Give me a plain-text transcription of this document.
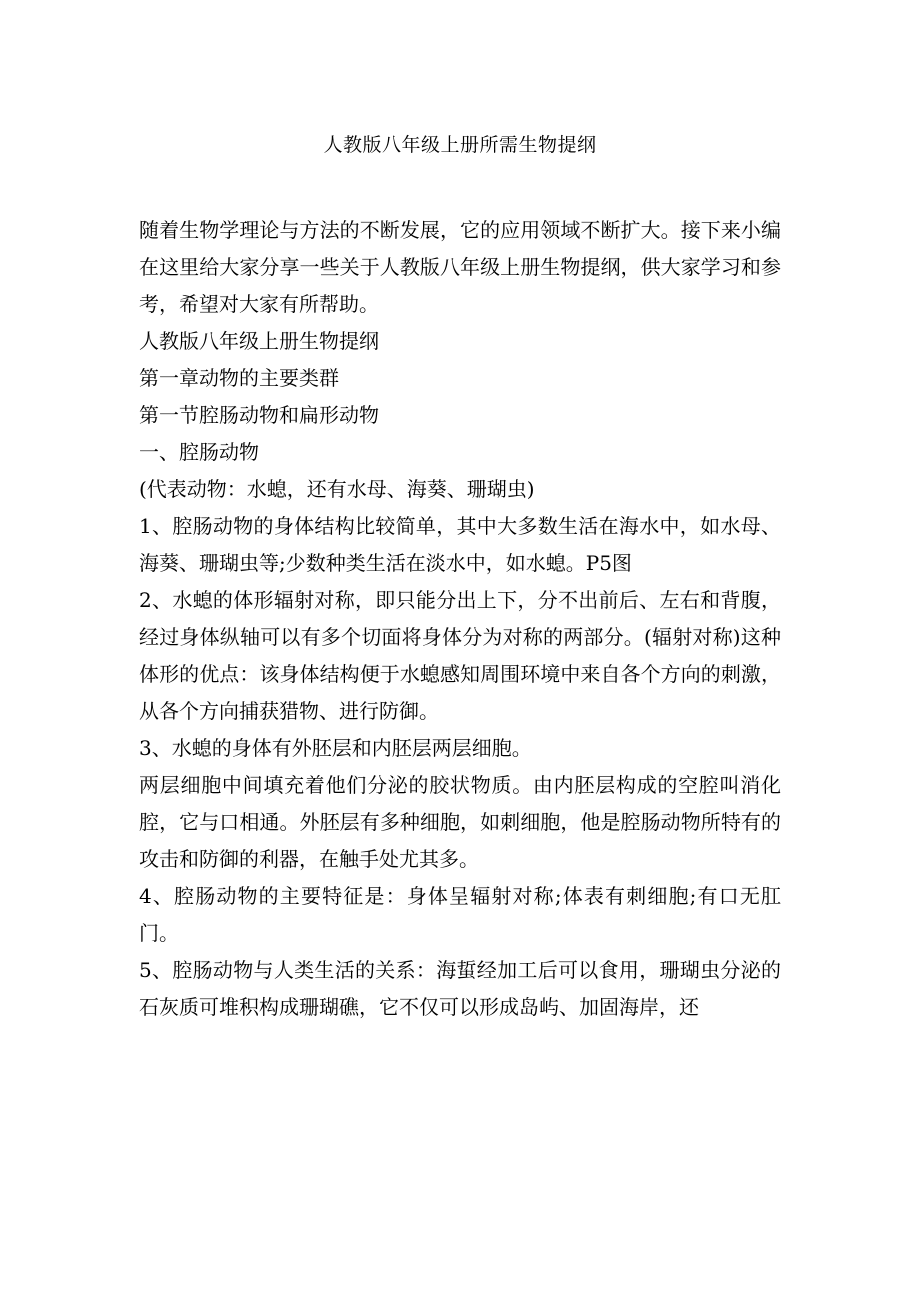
人教版八年级上册所需生物提纲

随着生物学理论与方法的不断发展，它的应用领域不断扩大。接下来小编在这里给大家分享一些关于人教版八年级上册生物提纲，供大家学习和参考，希望对大家有所帮助。

人教版八年级上册生物提纲

第一章动物的主要类群

第一节腔肠动物和扁形动物

一、腔肠动物

(代表动物：水螅，还有水母、海葵、珊瑚虫)

1、腔肠动物的身体结构比较简单，其中大多数生活在海水中，如水母、海葵、珊瑚虫等;少数种类生活在淡水中，如水螅。P5图

2、水螅的体形辐射对称，即只能分出上下，分不出前后、左右和背腹，经过身体纵轴可以有多个切面将身体分为对称的两部分。(辐射对称)这种体形的优点：该身体结构便于水螅感知周围环境中来自各个方向的刺激，从各个方向捕获猎物、进行防御。

3、水螅的身体有外胚层和内胚层两层细胞。

两层细胞中间填充着他们分泌的胶状物质。由内胚层构成的空腔叫消化腔，它与口相通。外胚层有多种细胞，如刺细胞，他是腔肠动物所特有的攻击和防御的利器，在触手处尤其多。

4、腔肠动物的主要特征是：身体呈辐射对称;体表有刺细胞;有口无肛门。

5、腔肠动物与人类生活的关系：海蜇经加工后可以食用，珊瑚虫分泌的石灰质可堆积构成珊瑚礁，它不仅可以形成岛屿、加固海岸，还
